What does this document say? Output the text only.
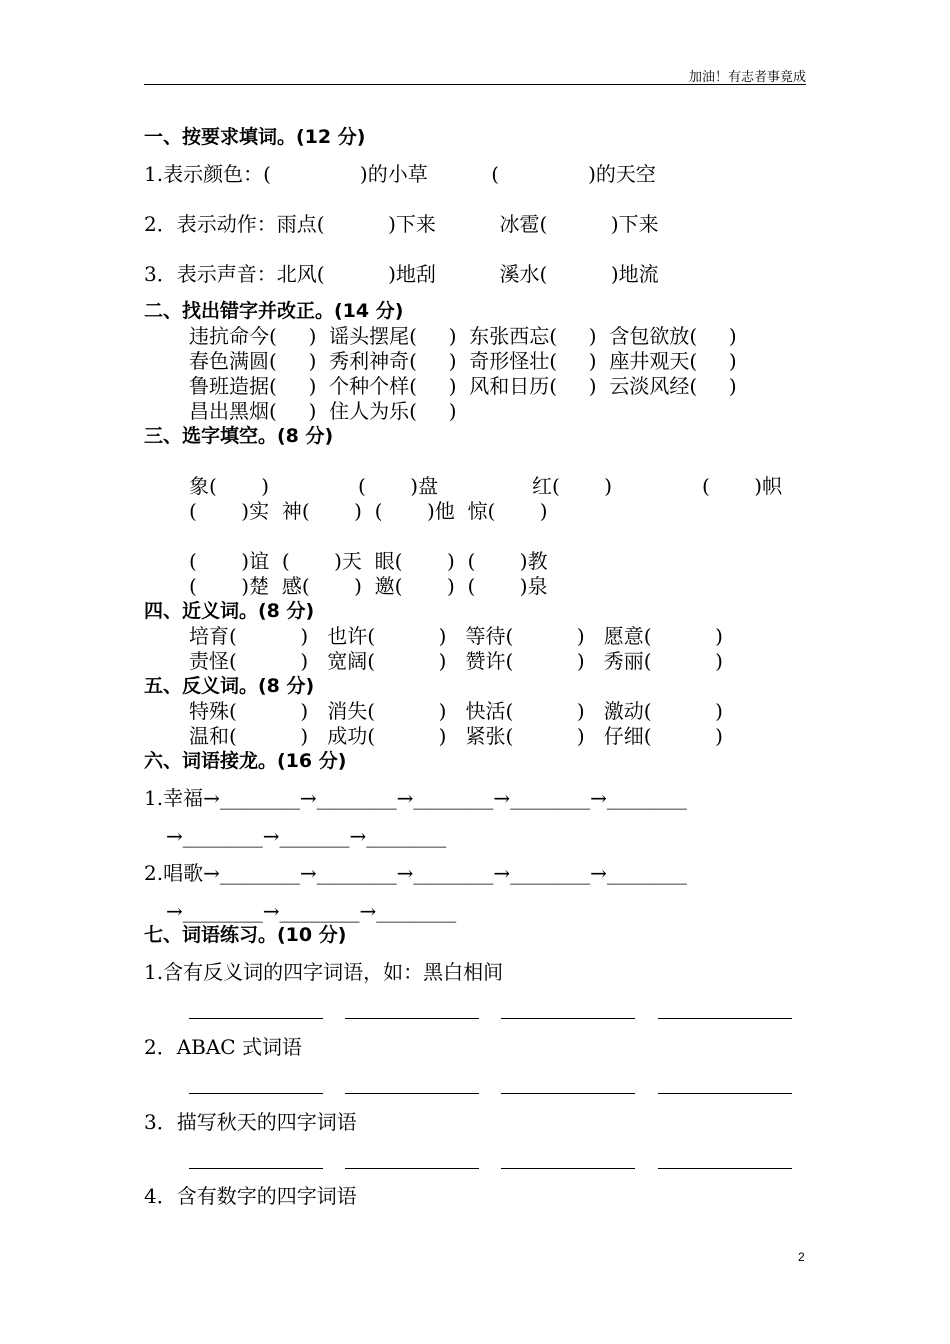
加油！有志者事竟成
一、按要求填词。(12 分)
1.表示颜色：(              )的小草          (              )的天空
2．表示动作：雨点(          )下来          冰雹(          )下来
3．表示声音：北风(          )地刮          溪水(          )地流
二、找出错字并改正。(14 分)
违抗命今(     )  谣头摆尾(     )  东张西忘(     )  含包欲放(     )
春色满圆(     )  秀利神奇(     )  奇形怪壮(     )  座井观天(     )
鲁班造据(     )  个种个样(     )  风和日历(     )  云淡风经(     )
昌出黑烟(     )  住人为乐(     )
三、选字填空。(8 分)
象(       )	(       )盘	红(       )	(       )帜
(       )实  神(       )  (       )他  惊(       )
(       )谊  (       )天  眼(       )  (       )教
(       )楚  感(       )  邀(       )  (       )泉
四、近义词。(8 分)
培育(          )   也许(          )   等待(          )   愿意(          )
责怪(          )   宽阔(          )   赞许(          )   秀丽(          )
五、反义词。(8 分)
特殊(          )   消失(          )   快活(          )   激动(          )
温和(          )   成功(          )   紧张(          )   仔细(          )
六、词语接龙。(16 分)
1.幸福→________→________→________→________→________
→________→_______→________
2.唱歌→________→________→________→________→________
→________→________→________
七、词语练习。(10 分)
1.含有反义词的四字词语，如：黑白相间
2．ABAC 式词语
3．描写秋天的四字词语
4．含有数字的四字词语
2
